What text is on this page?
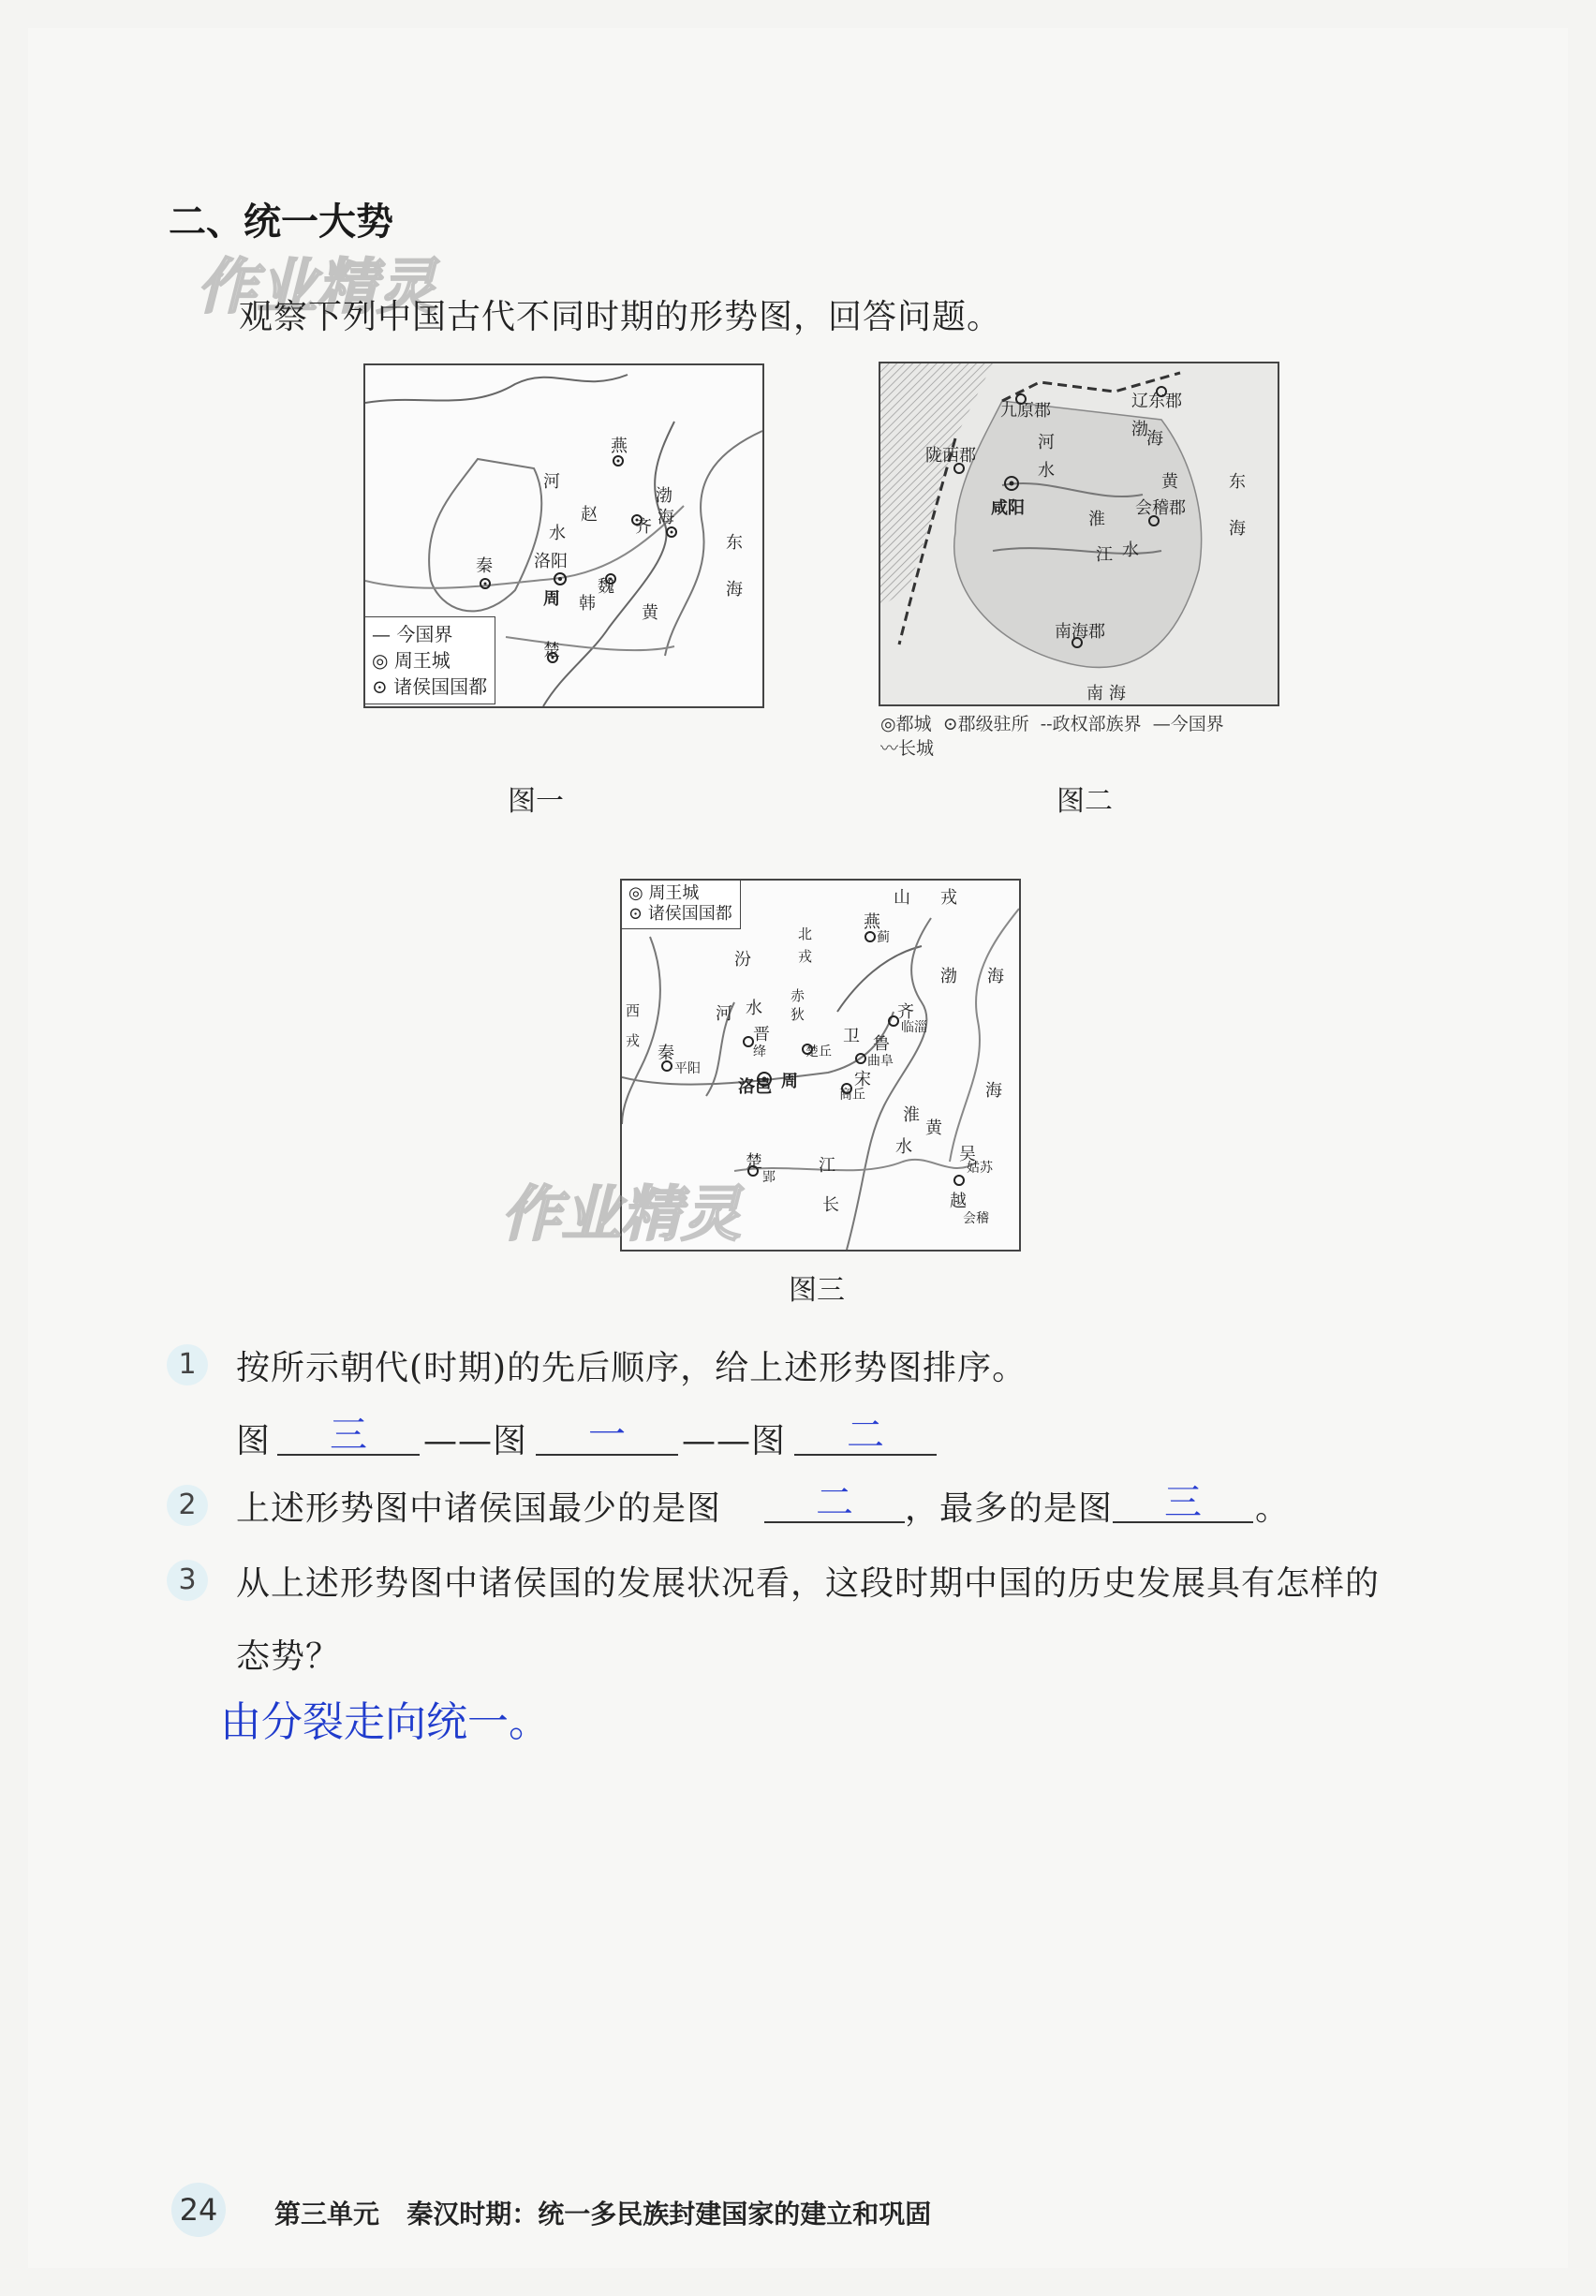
二、统一大势
作业精灵
观察下列中国古代不同时期的形势图，回答问题。
燕
赵
齐
秦 洛阳
魏
周 韩
楚
河
水
渤
海
黄
东
海
— 今国界
◎ 周王城
⊙ 诸侯国国都
图一
九原郡	辽东郡
陇西郡
咸阳	会稽郡
南海郡
河
水
渤
海
黄	东
海
江
淮
水
南 海
◎都城 ⊙郡级驻所 --政权部族界 —今国界
〰长城
图二
◎ 周王城
⊙ 诸侯国国都
山 戎
燕
蓟
北
戎
赤
狄
晋
绛	楚丘
卫 鲁
曲阜
齐
临淄
秦
平阳
洛邑 周	宋
商丘
楚
郢
吴
姑苏
越
会稽
西
戎
汾
河 水
黄
淮
水
江
长
海
渤 海
图三
作业精灵
1	按所示朝代(时期)的先后顺序，给上述形势图排序。
图	三	——图	一	——图	二
2	上述形势图中诸侯国最少的是图	二	，最多的是图	三	。
3	从上述形势图中诸侯国的发展状况看，这段时期中国的历史发展具有怎样的
态势？
由分裂走向统一。
24	第三单元 秦汉时期：统一多民族封建国家的建立和巩固
